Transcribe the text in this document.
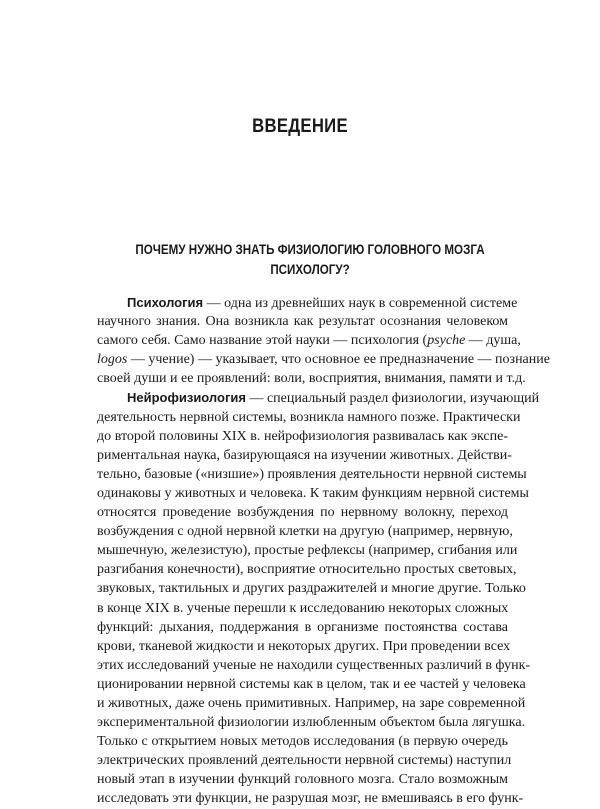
ВВЕДЕНИЕ
ПОЧЕМУ НУЖНО ЗНАТЬ ФИЗИОЛОГИЮ ГОЛОВНОГО МОЗГА
ПСИХОЛОГУ?
Психология — одна из древнейших наук в современной системе
научного знания. Она возникла как результат осознания человеком
самого себя. Само название этой науки — психология (psyche — душа,
logos — учение) — указывает, что основное ее предназначение — познание
своей души и ее проявлений: воли, восприятия, внимания, памяти и т.д.
Нейрофизиология — специальный раздел физиологии, изучающий
деятельность нервной системы, возникла намного позже. Практически
до второй половины XIX в. нейрофизиология развивалась как экспе-
риментальная наука, базирующаяся на изучении животных. Действи-
тельно, базовые («низшие») проявления деятельности нервной системы
одинаковы у животных и человека. К таким функциям нервной системы
относятся проведение возбуждения по нервному волокну, переход
возбуждения с одной нервной клетки на другую (например, нервную,
мышечную, железистую), простые рефлексы (например, сгибания или
разгибания конечности), восприятие относительно простых световых,
звуковых, тактильных и других раздражителей и многие другие. Только
в конце XIX в. ученые перешли к исследованию некоторых сложных
функций: дыхания, поддержания в организме постоянства состава
крови, тканевой жидкости и некоторых других. При проведении всех
этих исследований ученые не находили существенных различий в функ-
ционировании нервной системы как в целом, так и ее частей у человека
и животных, даже очень примитивных. Например, на заре современной
экспериментальной физиологии излюбленным объектом была лягушка.
Только с открытием новых методов исследования (в первую очередь
электрических проявлений деятельности нервной системы) наступил
новый этап в изучении функций головного мозга. Стало возможным
исследовать эти функции, не разрушая мозг, не вмешиваясь в его функ-
